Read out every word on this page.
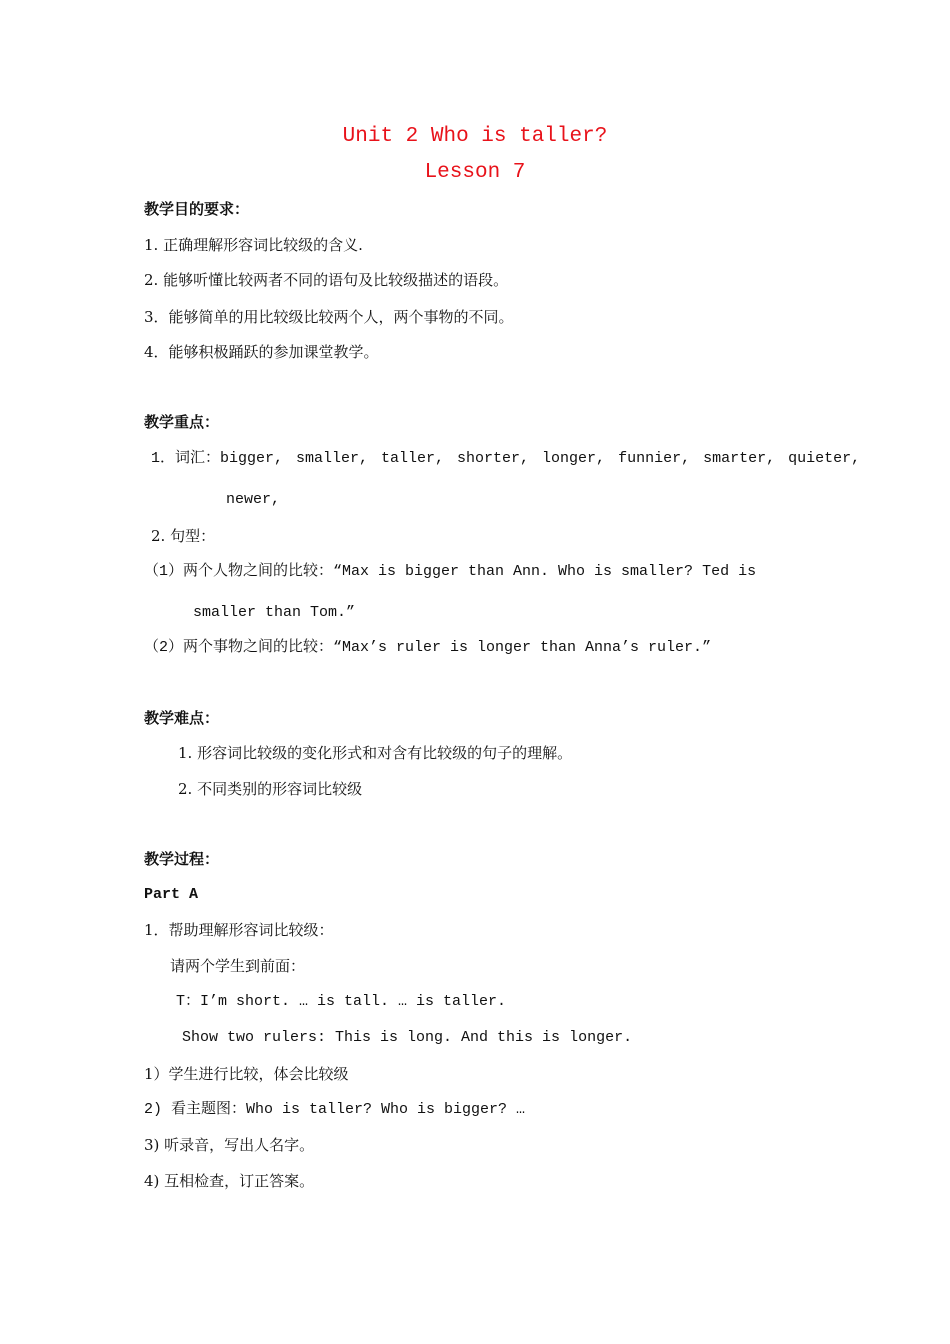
Unit 2 Who is taller?
Lesson 7
教学目的要求：
1. 正确理解形容词比较级的含义.
2. 能够听懂比较两者不同的语句及比较级描述的语段。
3．能够简单的用比较级比较两个人，两个事物的不同。
4．能够积极踊跃的参加课堂教学。
教学重点：
1．词汇：bigger, smaller, taller, shorter, longer, funnier, smarter, quieter,
newer,
2. 句型：
（1）两个人物之间的比较：“Max is bigger than Ann. Who is smaller? Ted is
smaller than Tom.”
（2）两个事物之间的比较：“Max’s ruler is longer than Anna’s ruler.”
教学难点：
1. 形容词比较级的变化形式和对含有比较级的句子的理解。
2. 不同类别的形容词比较级
教学过程：
Part A
1．帮助理解形容词比较级：
请两个学生到前面：
T：I’m short. … is tall. … is taller.
Show two rulers: This is long. And this is longer.
1）学生进行比较，体会比较级
2) 看主题图：Who is taller? Who is bigger? …
3) 听录音，写出人名字。
4) 互相检查，订正答案。
